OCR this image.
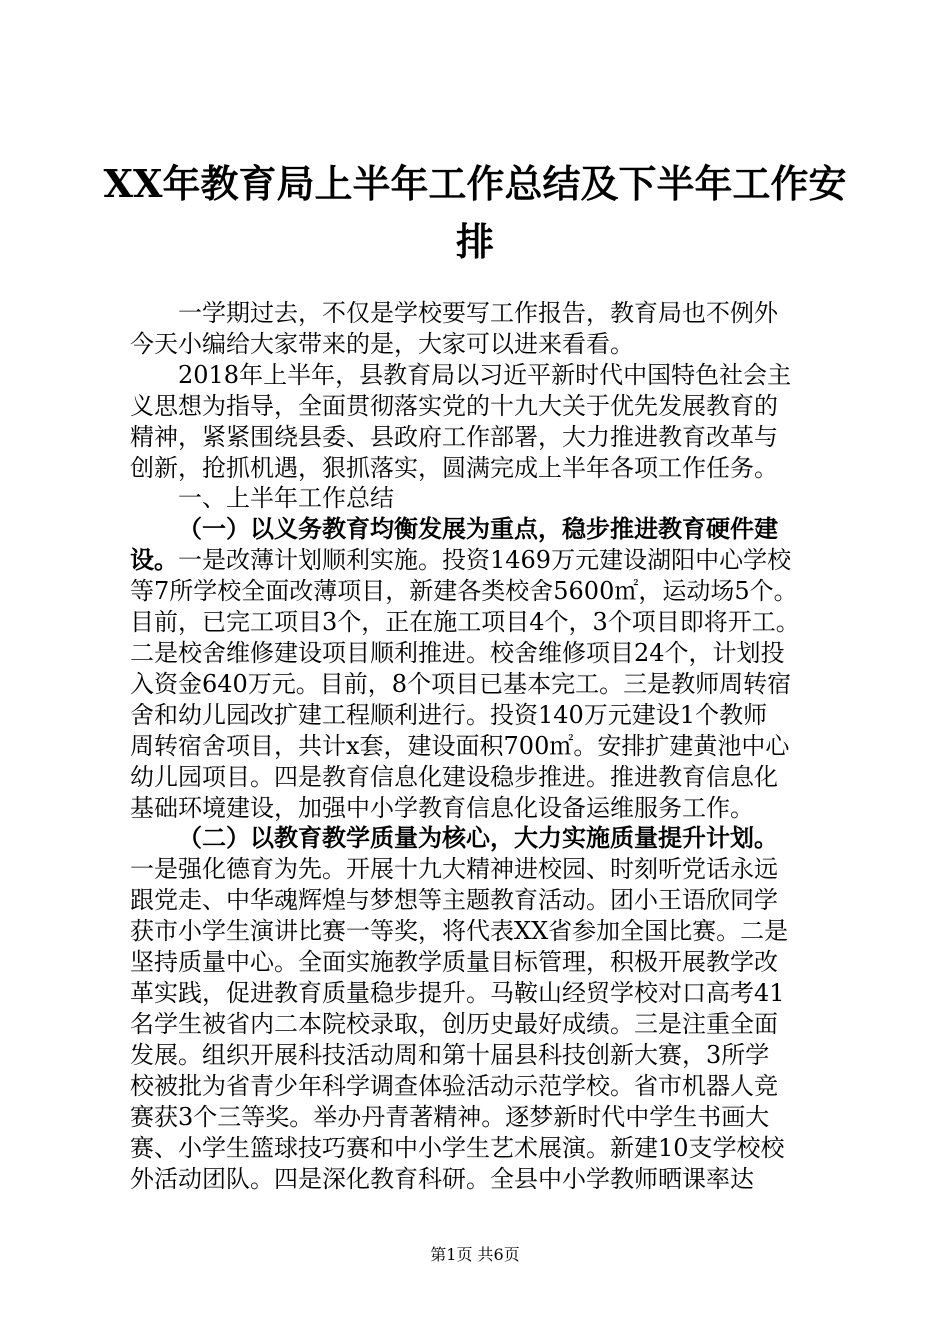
XX年教育局上半年工作总结及下半年工作安
排
一学期过去，不仅是学校要写工作报告，教育局也不例外
今天小编给大家带来的是，大家可以进来看看。
2018年上半年，县教育局以习近平新时代中国特色社会主
义思想为指导，全面贯彻落实党的十九大关于优先发展教育的
精神，紧紧围绕县委、县政府工作部署，大力推进教育改革与
创新，抢抓机遇，狠抓落实，圆满完成上半年各项工作任务。
一、上半年工作总结
（一）以义务教育均衡发展为重点，稳步推进教育硬件建
设。一是改薄计划顺利实施。投资1469万元建设湖阳中心学校
等7所学校全面改薄项目，新建各类校舍5600㎡，运动场5个。
目前，已完工项目3个，正在施工项目4个，3个项目即将开工。
二是校舍维修建设项目顺利推进。校舍维修项目24个，计划投
入资金640万元。目前，8个项目已基本完工。三是教师周转宿
舍和幼儿园改扩建工程顺利进行。投资140万元建设1个教师
周转宿舍项目，共计x套，建设面积700㎡。安排扩建黄池中心
幼儿园项目。四是教育信息化建设稳步推进。推进教育信息化
基础环境建设，加强中小学教育信息化设备运维服务工作。
（二）以教育教学质量为核心，大力实施质量提升计划。
一是强化德育为先。开展十九大精神进校园、时刻听党话永远
跟党走、中华魂辉煌与梦想等主题教育活动。团小王语欣同学
获市小学生演讲比赛一等奖，将代表XX省参加全国比赛。二是
坚持质量中心。全面实施教学质量目标管理，积极开展教学改
革实践，促进教育质量稳步提升。马鞍山经贸学校对口高考41
名学生被省内二本院校录取，创历史最好成绩。三是注重全面
发展。组织开展科技活动周和第十届县科技创新大赛，3所学
校被批为省青少年科学调查体验活动示范学校。省市机器人竞
赛获3个三等奖。举办丹青著精神。逐梦新时代中学生书画大
赛、小学生篮球技巧赛和中小学生艺术展演。新建10支学校校
外活动团队。四是深化教育科研。全县中小学教师晒课率达
第1页 共6页
